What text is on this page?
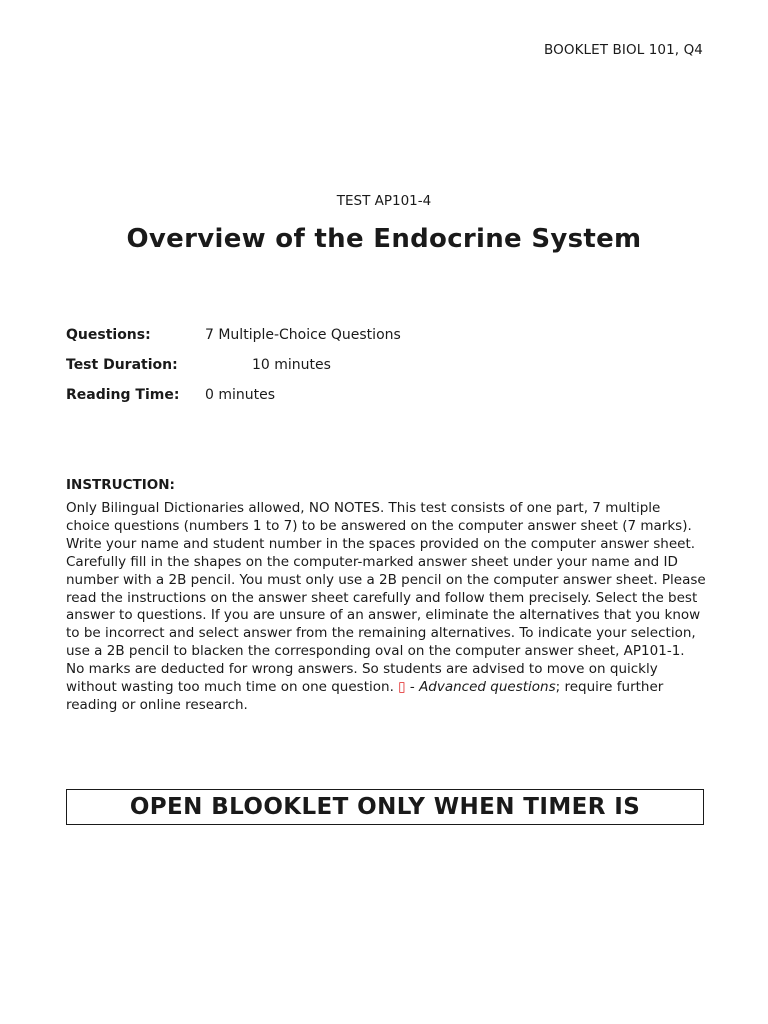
BOOKLET BIOL 101, Q4
TEST AP101-4
Overview of the Endocrine System
Questions:	7 Multiple-Choice Questions
Test Duration:	10 minutes
Reading Time: 0 minutes
INSTRUCTION:
Only Bilingual Dictionaries allowed, NO NOTES. This test consists of one part, 7 multiple choice questions (numbers 1 to 7) to be answered on the computer answer sheet (7 marks). Write your name and student number in the spaces provided on the computer answer sheet. Carefully fill in the shapes on the computer-marked answer sheet under your name and ID number with a 2B pencil. You must only use a 2B pencil on the computer answer sheet. Please read the instructions on the answer sheet carefully and follow them precisely. Select the best answer to questions. If you are unsure of an answer, eliminate the alternatives that you know to be incorrect and select answer from the remaining alternatives. To indicate your selection, use a 2B pencil to blacken the corresponding oval on the computer answer sheet, AP101-1. No marks are deducted for wrong answers. So students are advised to move on quickly without wasting too much time on one question. ▯ - Advanced questions; require further reading or online research.
OPEN BLOOKLET ONLY WHEN TIMER IS
